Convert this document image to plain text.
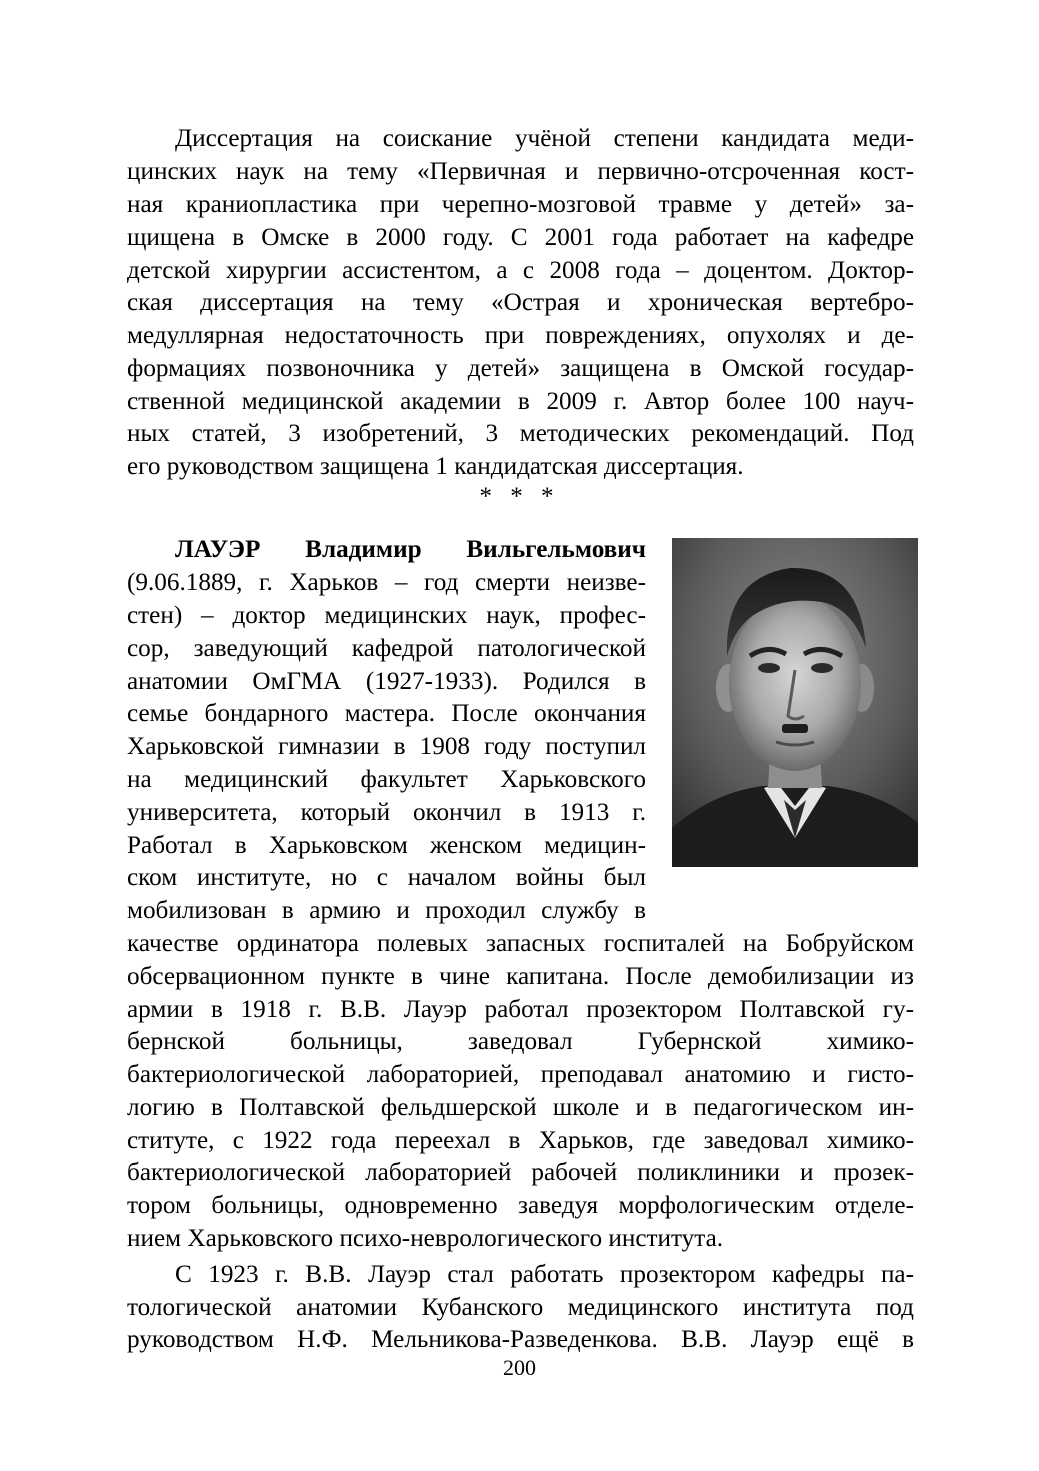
Диссертация на соискание учёной степени кандидата меди-
цинских наук на тему «Первичная и первично-отсроченная кост-
ная краниопластика при черепно-мозговой травме у детей» за-
щищена в Омске в 2000 году. С 2001 года работает на кафедре
детской хирургии ассистентом, а с 2008 года – доцентом. Доктор-
ская диссертация на тему «Острая и хроническая вертебро-
медуллярная недостаточность при повреждениях, опухолях и де-
формациях позвоночника у детей» защищена в Омской государ-
ственной медицинской академии в 2009 г. Автор более 100 науч-
ных статей, 3 изобретений, 3 методических рекомендаций. Под
его руководством защищена 1 кандидатская диссертация.
* * *
ЛАУЭР Владимир Вильгельмович
(9.06.1889, г. Харьков – год смерти неизве-
стен) – доктор медицинских наук, профес-
сор, заведующий кафедрой патологической
анатомии ОмГМА (1927-1933). Родился в
семье бондарного мастера. После окончания
Харьковской гимназии в 1908 году поступил
на медицинский факультет Харьковского
университета, который окончил в 1913 г.
Работал в Харьковском женском медицин-
ском институте, но с началом войны был
мобилизован в армию и проходил службу в
качестве ординатора полевых запасных госпиталей на Бобруйском
обсервационном пункте в чине капитана. После демобилизации из
армии в 1918 г. В.В. Лауэр работал прозектором Полтавской гу-
бернской больницы, заведовал Губернской химико-
бактериологической лабораторией, преподавал анатомию и гисто-
логию в Полтавской фельдшерской школе и в педагогическом ин-
ституте, с 1922 года переехал в Харьков, где заведовал химико-
бактериологической лабораторией рабочей поликлиники и прозек-
тором больницы, одновременно заведуя морфологическим отделе-
нием Харьковского психо-неврологического института.
С 1923 г. В.В. Лауэр стал работать прозектором кафедры па-
тологической анатомии Кубанского медицинского института под
руководством Н.Ф. Мельникова-Разведенкова. В.В. Лауэр ещё в
200
